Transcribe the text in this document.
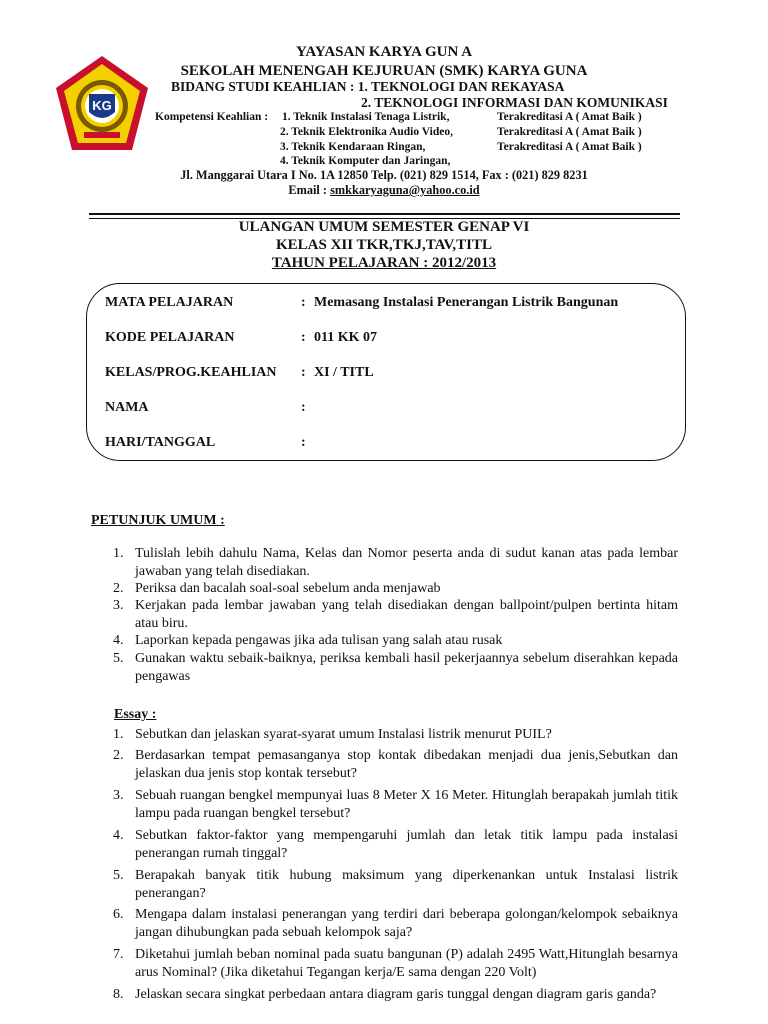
KG
YAYASAN KARYA GUN A
SEKOLAH MENENGAH KEJURUAN (SMK) KARYA GUNA
BIDANG STUDI KEAHLIAN : 1. TEKNOLOGI DAN REKAYASA
2. TEKNOLOGI INFORMASI DAN KOMUNIKASI
Kompetensi Keahlian : 1. Teknik Instalasi Tenaga Listrik,	Terakreditasi A ( Amat Baik )
2. Teknik Elektronika Audio Video,	Terakreditasi A ( Amat Baik )
3. Teknik Kendaraan Ringan,	Terakreditasi A ( Amat Baik )
4. Teknik Komputer dan Jaringan,
Jl. Manggarai Utara I No. 1A 12850 Telp. (021) 829 1514, Fax : (021) 829 8231
Email : smkkaryaguna@yahoo.co.id
ULANGAN UMUM SEMESTER GENAP VI
KELAS XII TKR,TKJ,TAV,TITL
TAHUN PELAJARAN : 2012/2013
MATA PELAJARAN	: Memasang Instalasi Penerangan Listrik Bangunan
KODE PELAJARAN	: 011 KK 07
KELAS/PROG.KEAHLIAN : XI / TITL
NAMA	:
HARI/TANGGAL	:
PETUNJUK UMUM :
1. Tulislah lebih dahulu Nama, Kelas dan Nomor peserta anda di sudut kanan atas pada lembar jawaban yang telah disediakan.
2. Periksa dan bacalah soal-soal sebelum anda menjawab
3. Kerjakan pada lembar jawaban yang telah disediakan dengan ballpoint/pulpen bertinta hitam atau biru.
4. Laporkan kepada pengawas jika ada tulisan yang salah atau rusak
5. Gunakan waktu sebaik-baiknya, periksa kembali hasil pekerjaannya sebelum diserahkan kepada pengawas
Essay :
1. Sebutkan dan jelaskan syarat-syarat umum Instalasi listrik menurut PUIL?
2. Berdasarkan tempat pemasanganya stop kontak dibedakan menjadi dua jenis,Sebutkan dan jelaskan dua jenis stop kontak tersebut?
3. Sebuah ruangan bengkel mempunyai luas 8 Meter X 16 Meter. Hitunglah berapakah jumlah titik lampu pada ruangan bengkel tersebut?
4. Sebutkan faktor-faktor yang mempengaruhi jumlah dan letak titik lampu pada instalasi penerangan rumah tinggal?
5. Berapakah banyak titik hubung maksimum yang diperkenankan untuk Instalasi listrik penerangan?
6. Mengapa dalam instalasi penerangan yang terdiri dari beberapa golongan/kelompok sebaiknya jangan dihubungkan pada sebuah kelompok saja?
7. Diketahui jumlah beban nominal pada suatu bangunan (P) adalah 2495 Watt,Hitunglah besarnya arus Nominal? (Jika diketahui Tegangan kerja/E sama dengan 220 Volt)
8. Jelaskan secara singkat perbedaan antara diagram garis tunggal dengan diagram garis ganda?
